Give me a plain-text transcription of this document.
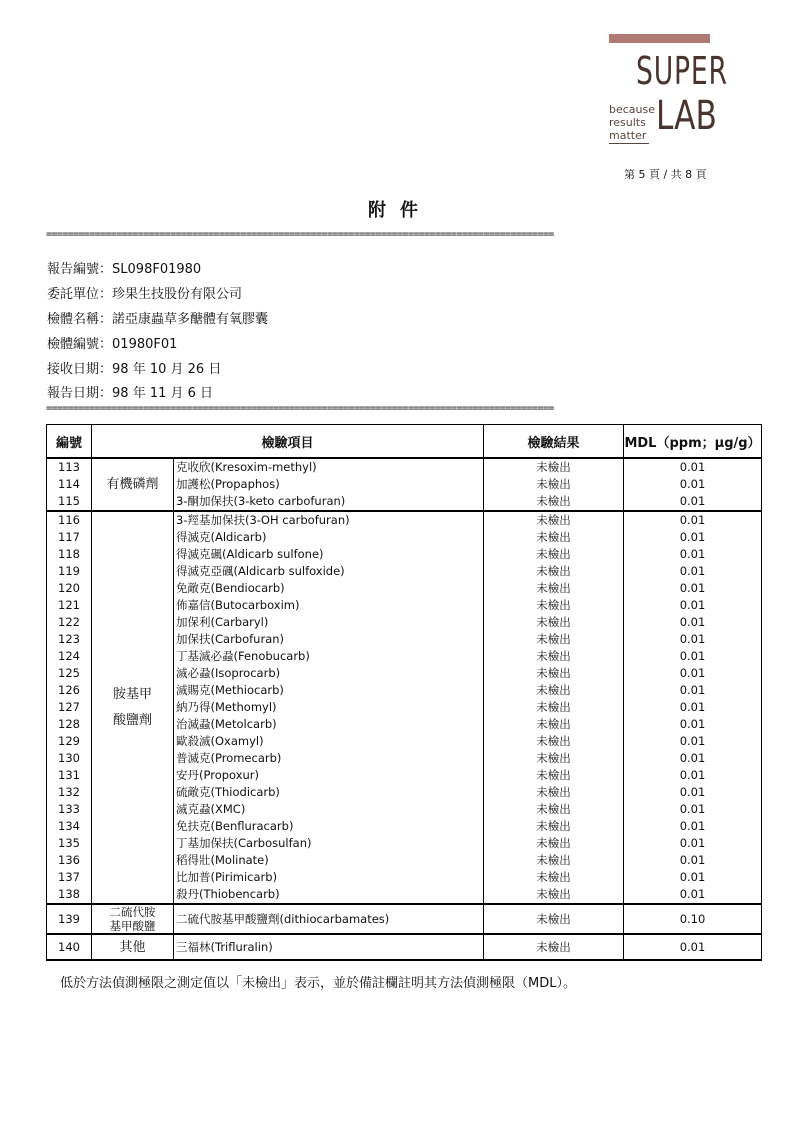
SUPER
LAB
because
results
matter
第 5 頁 / 共 8 頁
附件
==============================================================================================
報告編號：SL098F01980
委託單位：珍果生技股份有限公司
檢體名稱：諾亞康蟲草多醣體有氧膠囊
檢體編號：01980F01
接收日期：98 年 10 月 26 日
報告日期：98 年 11 月 6 日
==============================================================================================
編號	檢驗項目		檢驗結果	MDL（ppm；μg/g）
113	有機磷劑	克收欣(Kresoxim-methyl)	未檢出	0.01
114		加護松(Propaphos)	未檢出	0.01
115		3-酮加保扶(3-keto carbofuran)	未檢出	0.01
116	胺基甲
酸鹽劑	3-羥基加保扶(3-OH carbofuran)	未檢出	0.01
117		得滅克(Aldicarb)	未檢出	0.01
118		得滅克碸(Aldicarb sulfone)	未檢出	0.01
119		得滅克亞碸(Aldicarb sulfoxide)	未檢出	0.01
120		免敵克(Bendiocarb)	未檢出	0.01
121		佈嘉信(Butocarboxim)	未檢出	0.01
122		加保利(Carbaryl)	未檢出	0.01
123		加保扶(Carbofuran)	未檢出	0.01
124		丁基滅必蝨(Fenobucarb)	未檢出	0.01
125		滅必蝨(Isoprocarb)	未檢出	0.01
126		滅賜克(Methiocarb)	未檢出	0.01
127		納乃得(Methomyl)	未檢出	0.01
128		治滅蝨(Metolcarb)	未檢出	0.01
129		歐殺滅(Oxamyl)	未檢出	0.01
130		普滅克(Promecarb)	未檢出	0.01
131		安丹(Propoxur)	未檢出	0.01
132		硫敵克(Thiodicarb)	未檢出	0.01
133		滅克蝨(XMC)	未檢出	0.01
134		免扶克(Benfluracarb)	未檢出	0.01
135		丁基加保扶(Carbosulfan)	未檢出	0.01
136		稻得壯(Molinate)	未檢出	0.01
137		比加普(Pirimicarb)	未檢出	0.01
138		殺丹(Thiobencarb)	未檢出	0.01
139	二硫代胺
基甲酸鹽	二硫代胺基甲酸鹽劑(dithiocarbamates)	未檢出	0.10
140	其他	三福林(Trifluralin)	未檢出	0.01
低於方法偵測極限之測定值以「未檢出」表示，並於備註欄註明其方法偵測極限（MDL）。
